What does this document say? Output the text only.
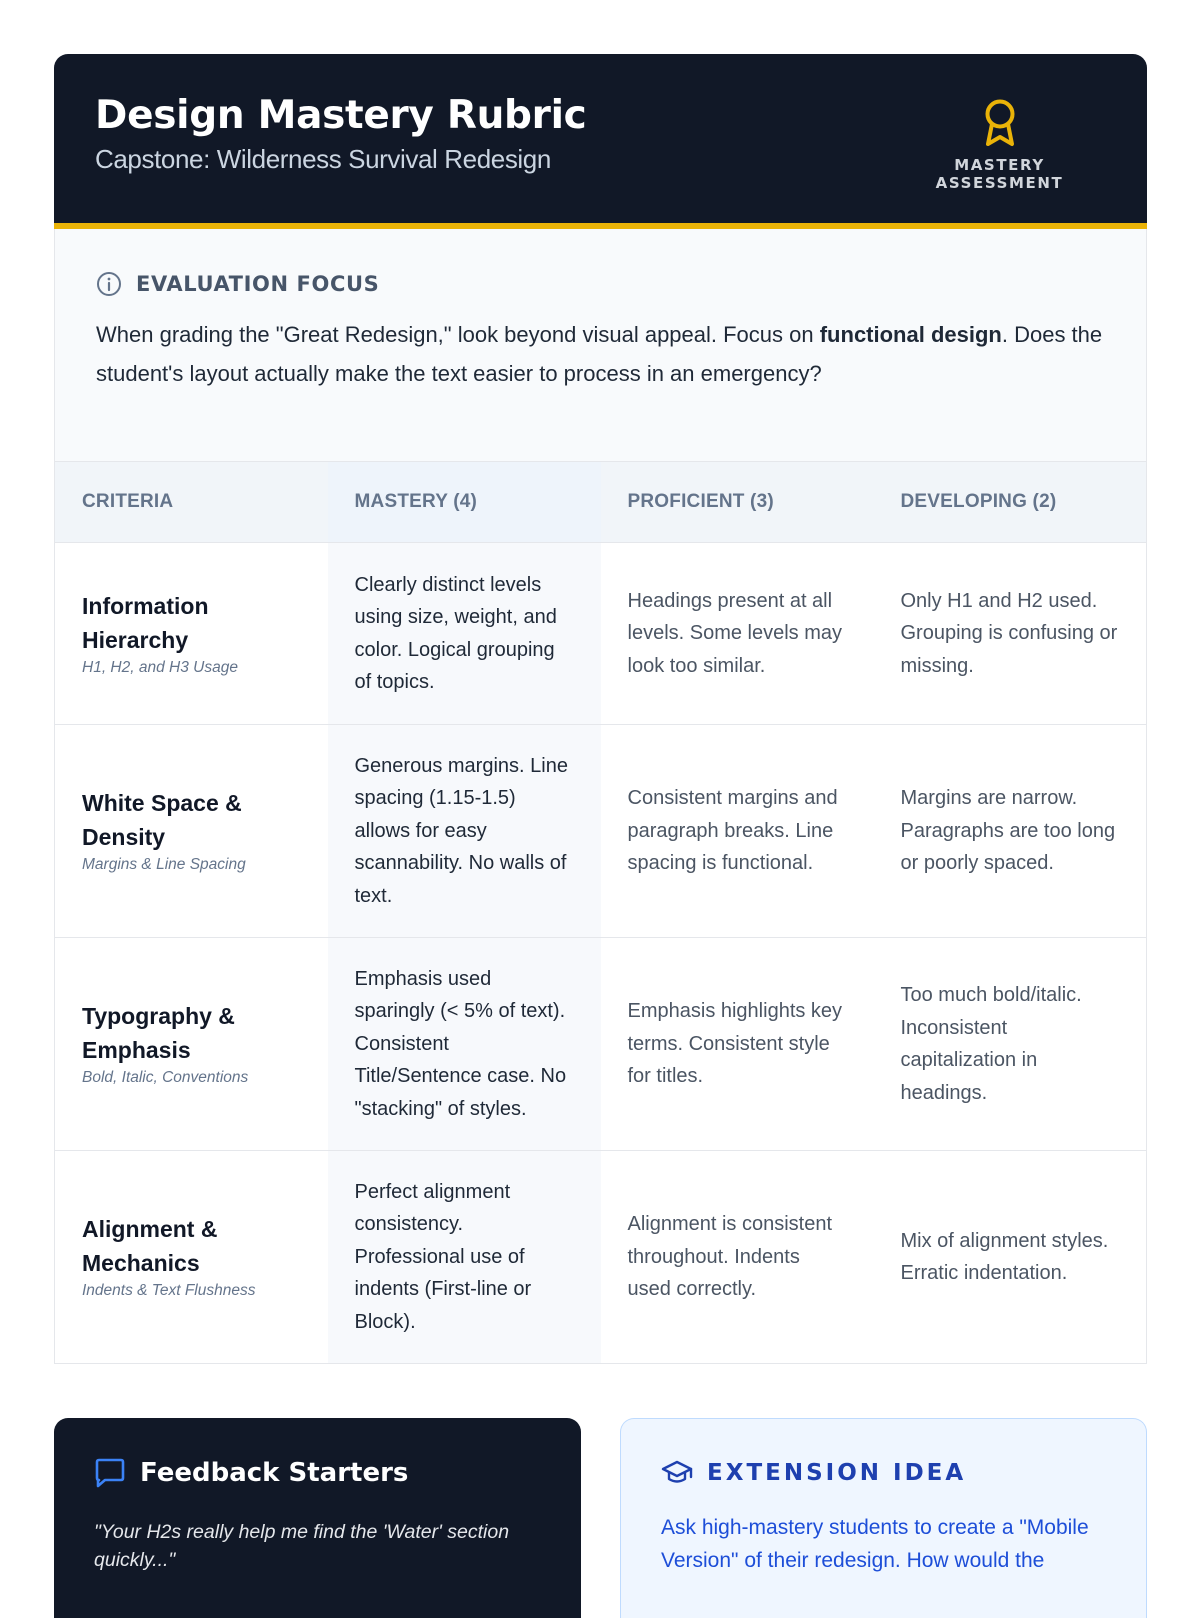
Design Mastery Rubric
Capstone: Wilderness Survival Redesign	MASTERY ASSESSMENT
EVALUATION FOCUS
When grading the "Great Redesign," look beyond visual appeal. Focus on functional design. Does the student's layout actually make the text easier to process in an emergency?
CRITERIA	MASTERY (4)	PROFICIENT (3)	DEVELOPING (2)

Information Hierarchy
H1, H2, and H3 Usage	Clearly distinct levels using size, weight, and color. Logical grouping of topics.	Headings present at all levels. Some levels may look too similar.	Only H1 and H2 used. Grouping is confusing or missing.

White Space & Density
Margins & Line Spacing	Generous margins. Line spacing (1.15-1.5) allows for easy scannability. No walls of text.	Consistent margins and paragraph breaks. Line spacing is functional.	Margins are narrow. Paragraphs are too long or poorly spaced.

Typography & Emphasis
Bold, Italic, Conventions	Emphasis used sparingly (< 5% of text). Consistent Title/Sentence case. No "stacking" of styles.	Emphasis highlights key terms. Consistent style for titles.	Too much bold/italic. Inconsistent capitalization in headings.

Alignment & Mechanics
Indents & Text Flushness	Perfect alignment consistency. Professional use of indents (First-line or Block).	Alignment is consistent throughout. Indents used correctly.	Mix of alignment styles. Erratic indentation.
Feedback Starters
"Your H2s really help me find the 'Water' section quickly..."
EXTENSION IDEA
Ask high-mastery students to create a "Mobile Version" of their redesign. How would the
